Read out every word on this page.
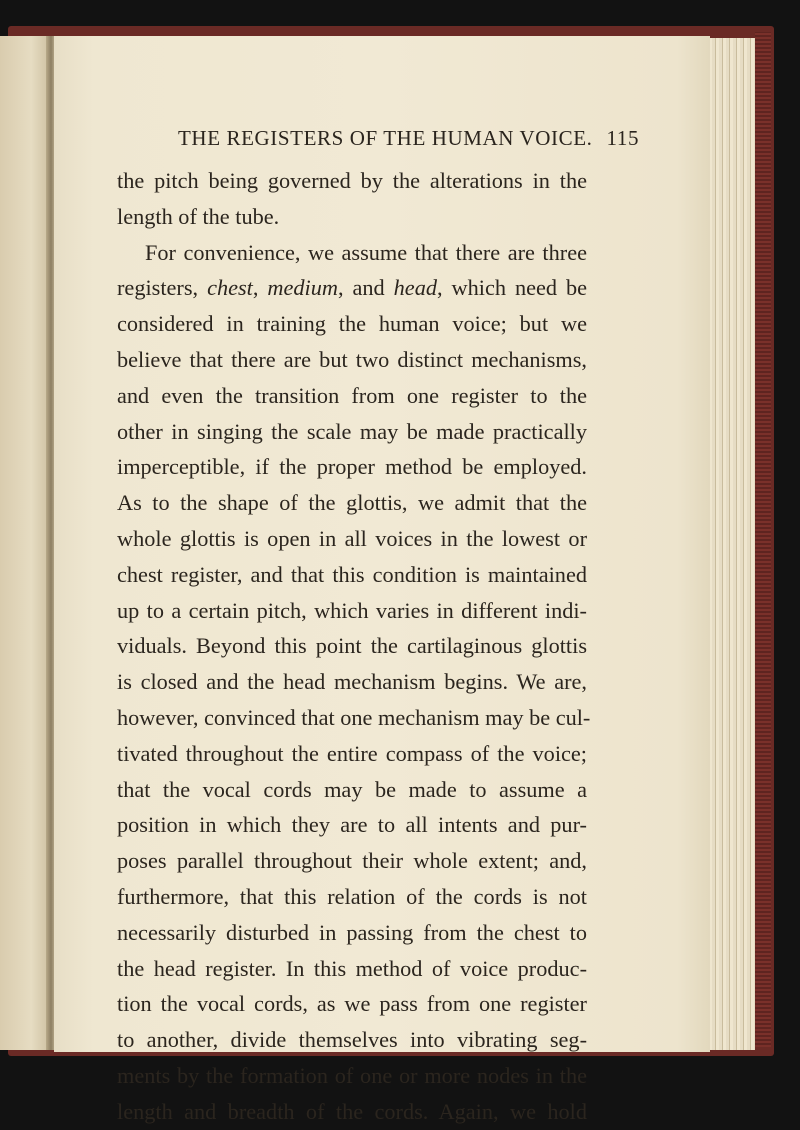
THE REGISTERS OF THE HUMAN VOICE. 115
the pitch being governed by the alterations in the
length of the tube.
For convenience, we assume that there are three
registers, chest, medium, and head, which need be
considered in training the human voice; but we
believe that there are but two distinct mechanisms,
and even the transition from one register to the
other in singing the scale may be made practically
imperceptible, if the proper method be employed.
As to the shape of the glottis, we admit that the
whole glottis is open in all voices in the lowest or
chest register, and that this condition is maintained
up to a certain pitch, which varies in different indi-
viduals. Beyond this point the cartilaginous glottis
is closed and the head mechanism begins. We are,
however, convinced that one mechanism may be cul-
tivated throughout the entire compass of the voice;
that the vocal cords may be made to assume a
position in which they are to all intents and pur-
poses parallel throughout their whole extent; and,
furthermore, that this relation of the cords is not
necessarily disturbed in passing from the chest to
the head register. In this method of voice produc-
tion the vocal cords, as we pass from one register
to another, divide themselves into vibrating seg-
ments by the formation of one or more nodes in the
length and breadth of the cords. Again, we hold
